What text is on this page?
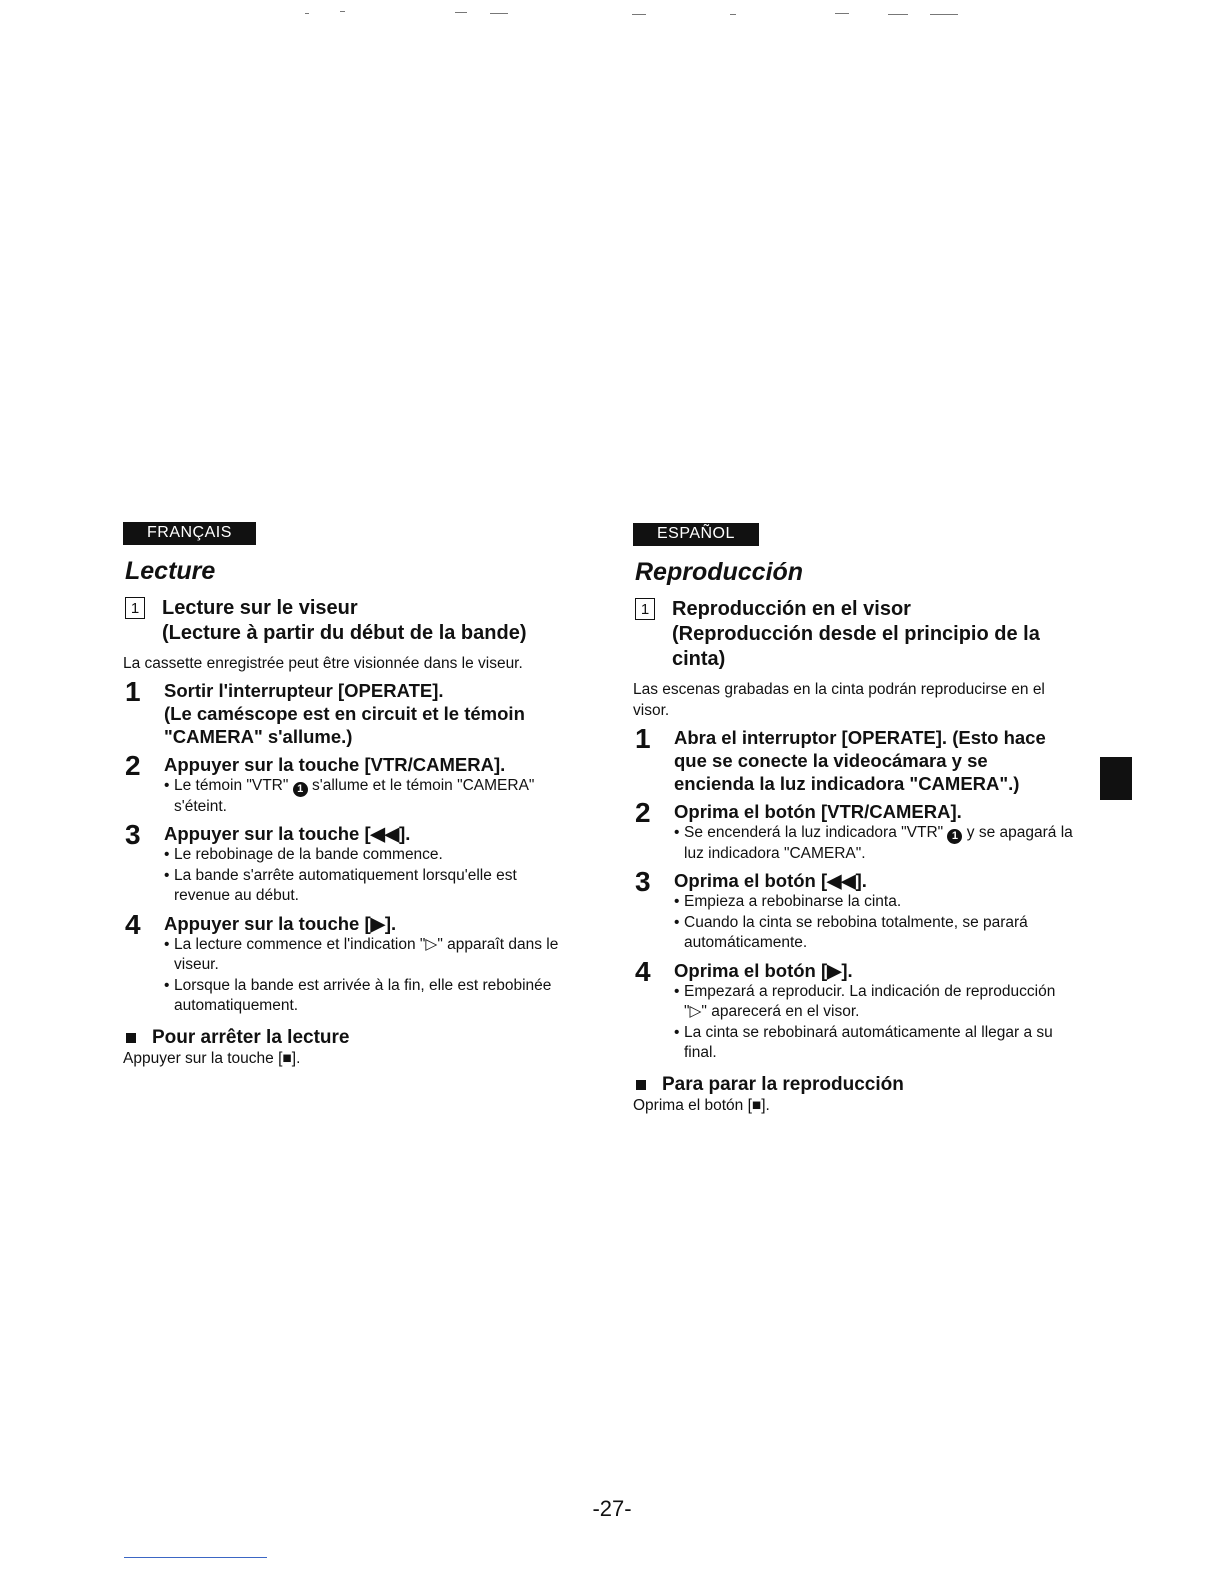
FRANÇAIS
Lecture
1 Lecture sur le viseur
(Lecture à partir du début de la bande)
La cassette enregistrée peut être visionnée dans le viseur.
1	Sortir l'interrupteur [OPERATE].
(Le caméscope est en circuit et le témoin
"CAMERA" s'allume.)
2	Appuyer sur la touche [VTR/CAMERA].
• Le témoin "VTR" 1 s'allume et le témoin "CAMERA" s'éteint.
3	Appuyer sur la touche [◀◀].
• Le rebobinage de la bande commence.
• La bande s'arrête automatiquement lorsqu'elle est revenue au début.
4	Appuyer sur la touche [▶].
• La lecture commence et l'indication "▷" apparaît dans le viseur.
• Lorsque la bande est arrivée à la fin, elle est rebobinée automatiquement.
Pour arrêter la lecture
Appuyer sur la touche [■].
ESPAÑOL
Reproducción
1 Reproducción en el visor
(Reproducción desde el principio de la
cinta)
Las escenas grabadas en la cinta podrán reproducirse en el visor.
1	Abra el interruptor [OPERATE]. (Esto hace
que se conecte la videocámara y se
encienda la luz indicadora "CAMERA".)
2	Oprima el botón [VTR/CAMERA].
• Se encenderá la luz indicadora "VTR" 1 y se apagará la luz indicadora "CAMERA".
3	Oprima el botón [◀◀].
• Empieza a rebobinarse la cinta.
• Cuando la cinta se rebobina totalmente, se parará automáticamente.
4	Oprima el botón [▶].
• Empezará a reproducir. La indicación de reproducción "▷" aparecerá en el visor.
• La cinta se rebobinará automáticamente al llegar a su final.
Para parar la reproducción
Oprima el botón [■].
-27-
